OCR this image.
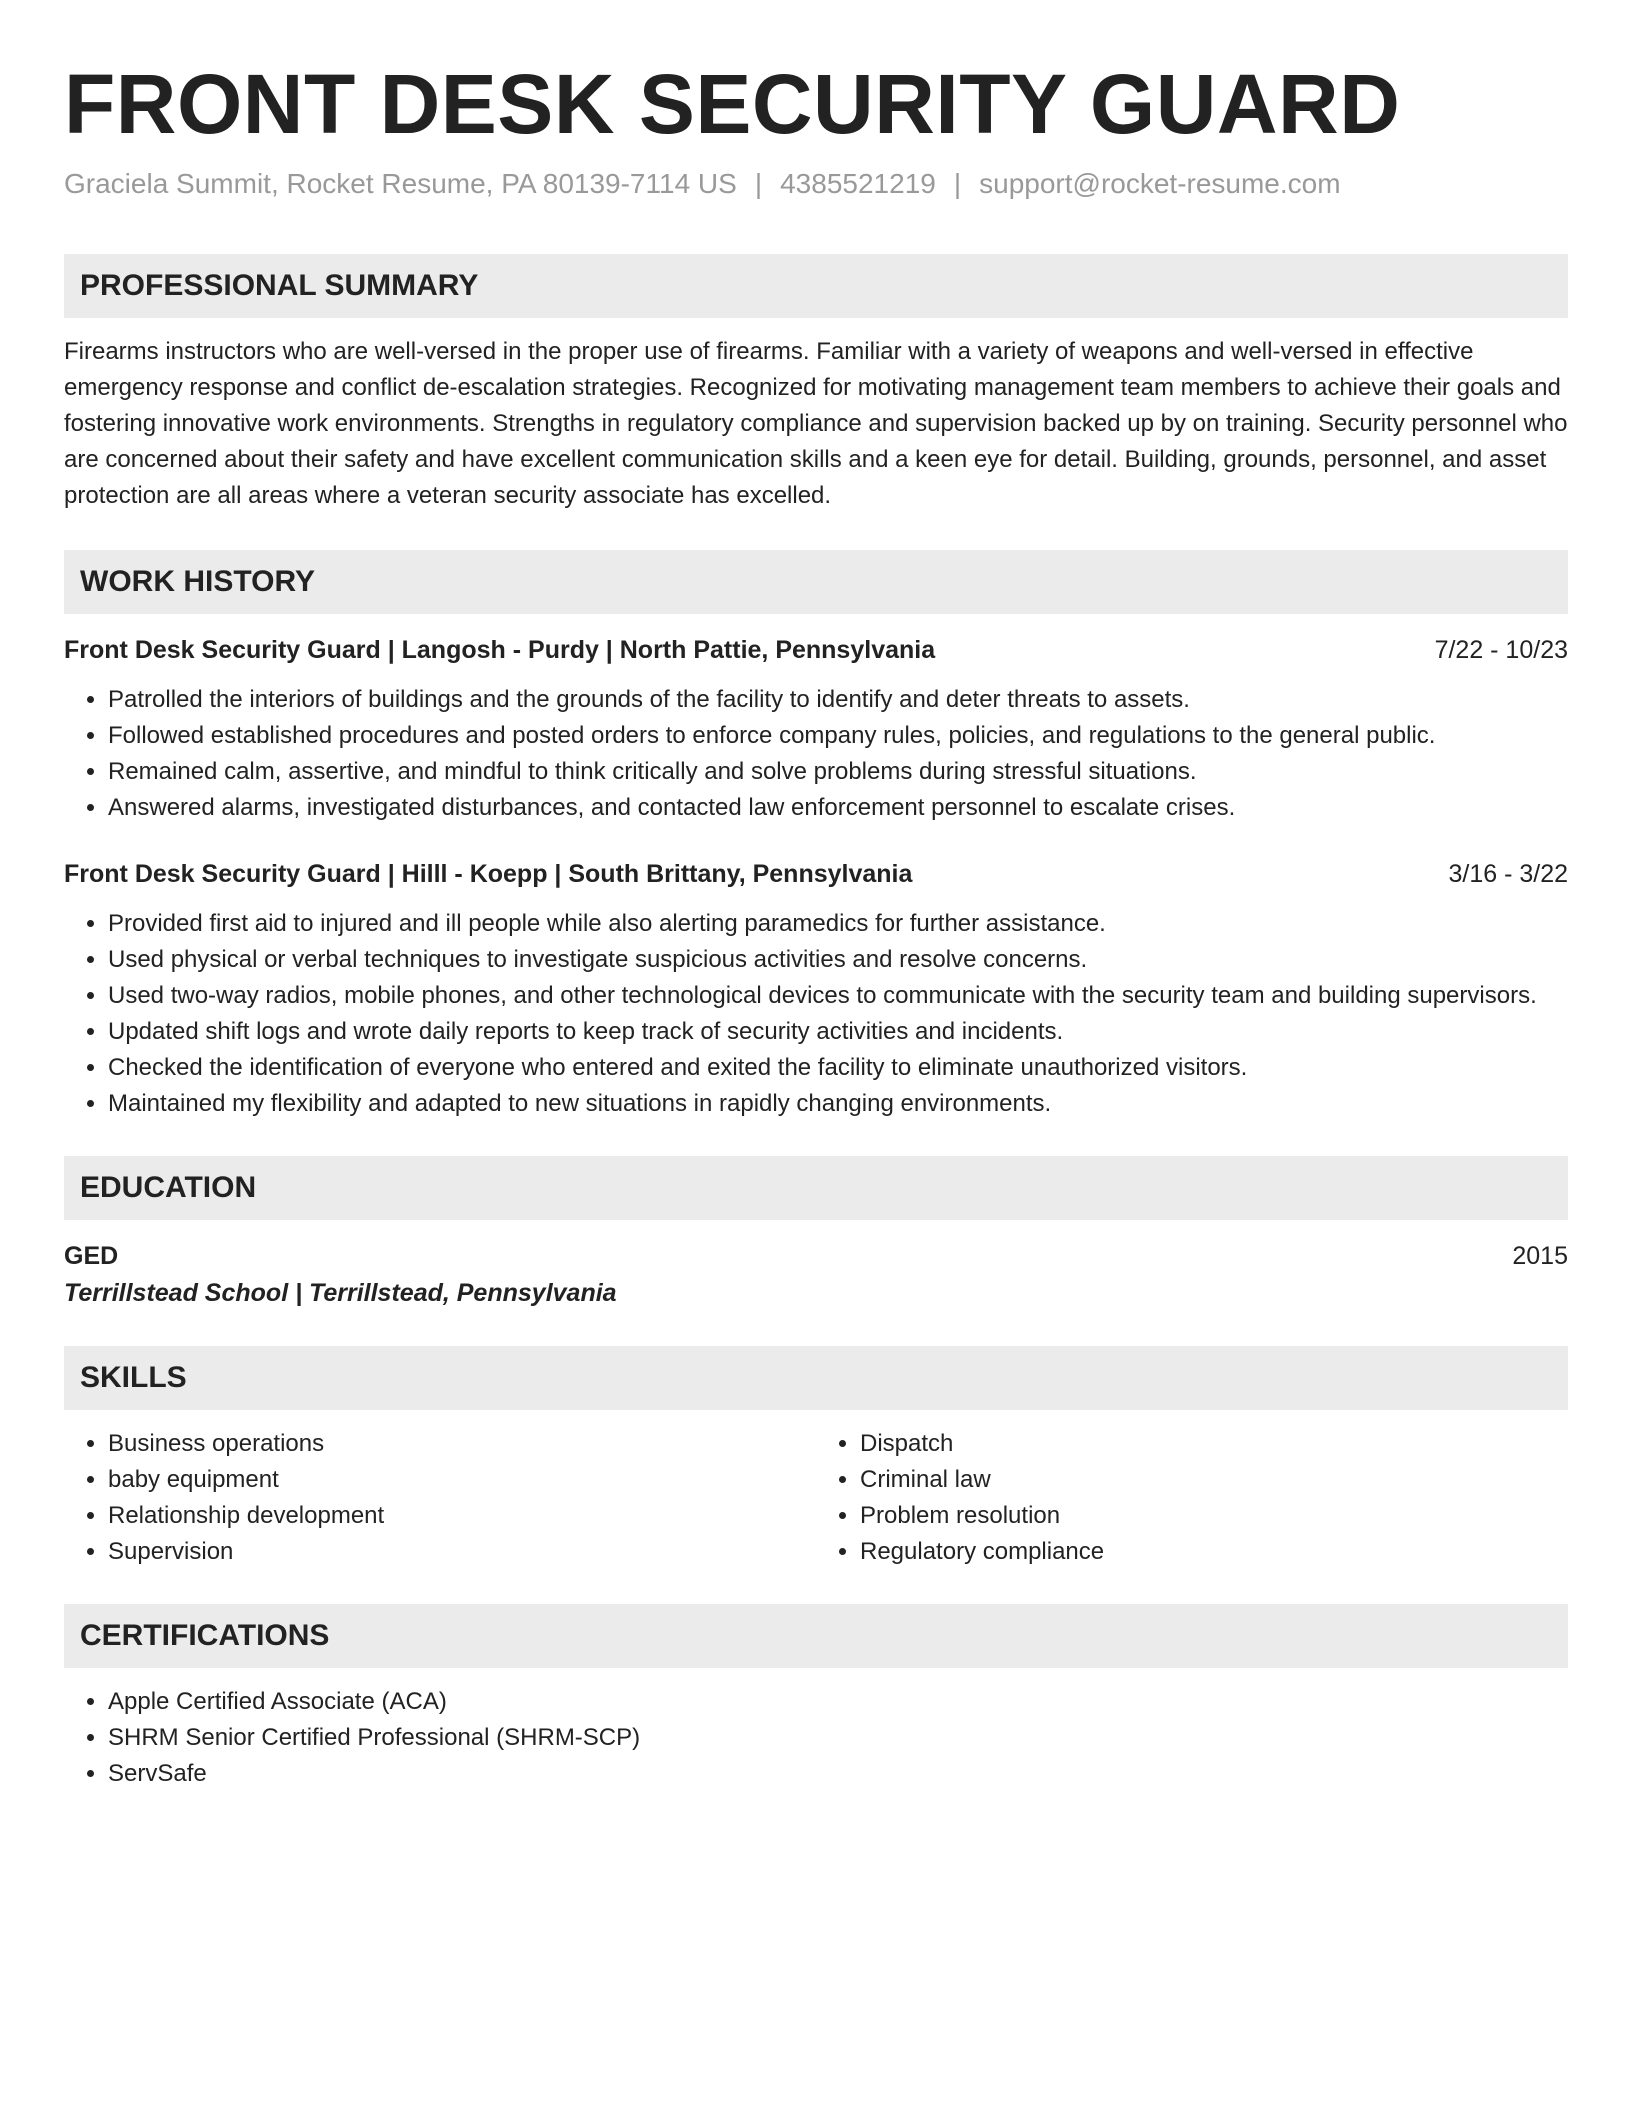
FRONT DESK SECURITY GUARD
Graciela Summit, Rocket Resume, PA 80139-7114 US | 4385521219 | support@rocket-resume.com
PROFESSIONAL SUMMARY

Firearms instructors who are well-versed in the proper use of firearms. Familiar with a variety of weapons and well-versed in effective emergency response and conflict de-escalation strategies. Recognized for motivating management team members to achieve their goals and fostering innovative work environments. Strengths in regulatory compliance and supervision backed up by on training. Security personnel who are concerned about their safety and have excellent communication skills and a keen eye for detail. Building, grounds, personnel, and asset protection are all areas where a veteran security associate has excelled.

WORK HISTORY
Front Desk Security Guard | Langosh - Purdy | North Pattie, Pennsylvania	7/22 - 10/23
• Patrolled the interiors of buildings and the grounds of the facility to identify and deter threats to assets.
• Followed established procedures and posted orders to enforce company rules, policies, and regulations to the general public.
• Remained calm, assertive, and mindful to think critically and solve problems during stressful situations.
• Answered alarms, investigated disturbances, and contacted law enforcement personnel to escalate crises.
Front Desk Security Guard | Hilll - Koepp | South Brittany, Pennsylvania	3/16 - 3/22
• Provided first aid to injured and ill people while also alerting paramedics for further assistance.
• Used physical or verbal techniques to investigate suspicious activities and resolve concerns.
• Used two-way radios, mobile phones, and other technological devices to communicate with the security team and building supervisors.
• Updated shift logs and wrote daily reports to keep track of security activities and incidents.
• Checked the identification of everyone who entered and exited the facility to eliminate unauthorized visitors.
• Maintained my flexibility and adapted to new situations in rapidly changing environments.
EDUCATION
GED	2015
Terrillstead School | Terrillstead, Pennsylvania
SKILLS
• Business operations
• baby equipment
• Relationship development
• Supervision
• Dispatch
• Criminal law
• Problem resolution
• Regulatory compliance
CERTIFICATIONS
• Apple Certified Associate (ACA)
• SHRM Senior Certified Professional (SHRM-SCP)
• ServSafe
